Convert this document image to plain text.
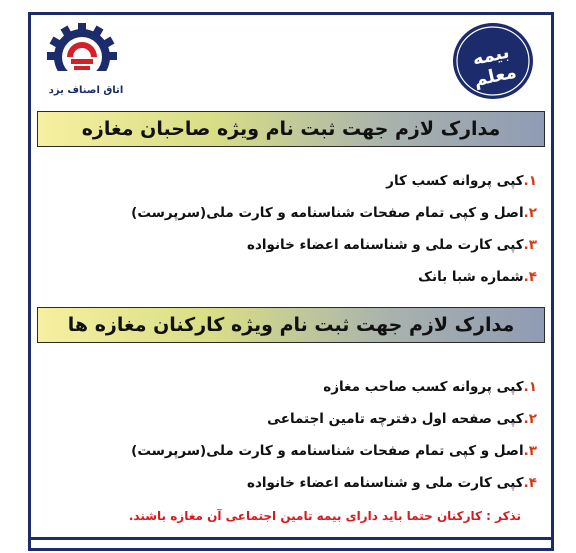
اتاق اصناف یزد
بیمه معلم
مدارک لازم جهت ثبت نام ویژه صاحبان مغازه
۱.کپی پروانه کسب کار
۲.اصل و کپی تمام صفحات شناسنامه و کارت ملی(سرپرست)
۳.کپی کارت ملی و شناسنامه اعضاء خانواده
۴.شماره شبا بانک
مدارک لازم جهت ثبت نام ویژه کارکنان مغازه ها
۱.کپی پروانه کسب صاحب مغازه
۲.کپی صفحه اول دفترچه تامین اجتماعی
۳.اصل و کپی تمام صفحات شناسنامه و کارت ملی(سرپرست)
۴.کپی کارت ملی و شناسنامه اعضاء خانواده
تذکر : کارکنان حتما باید دارای بیمه تامین اجتماعی آن مغازه باشند.
